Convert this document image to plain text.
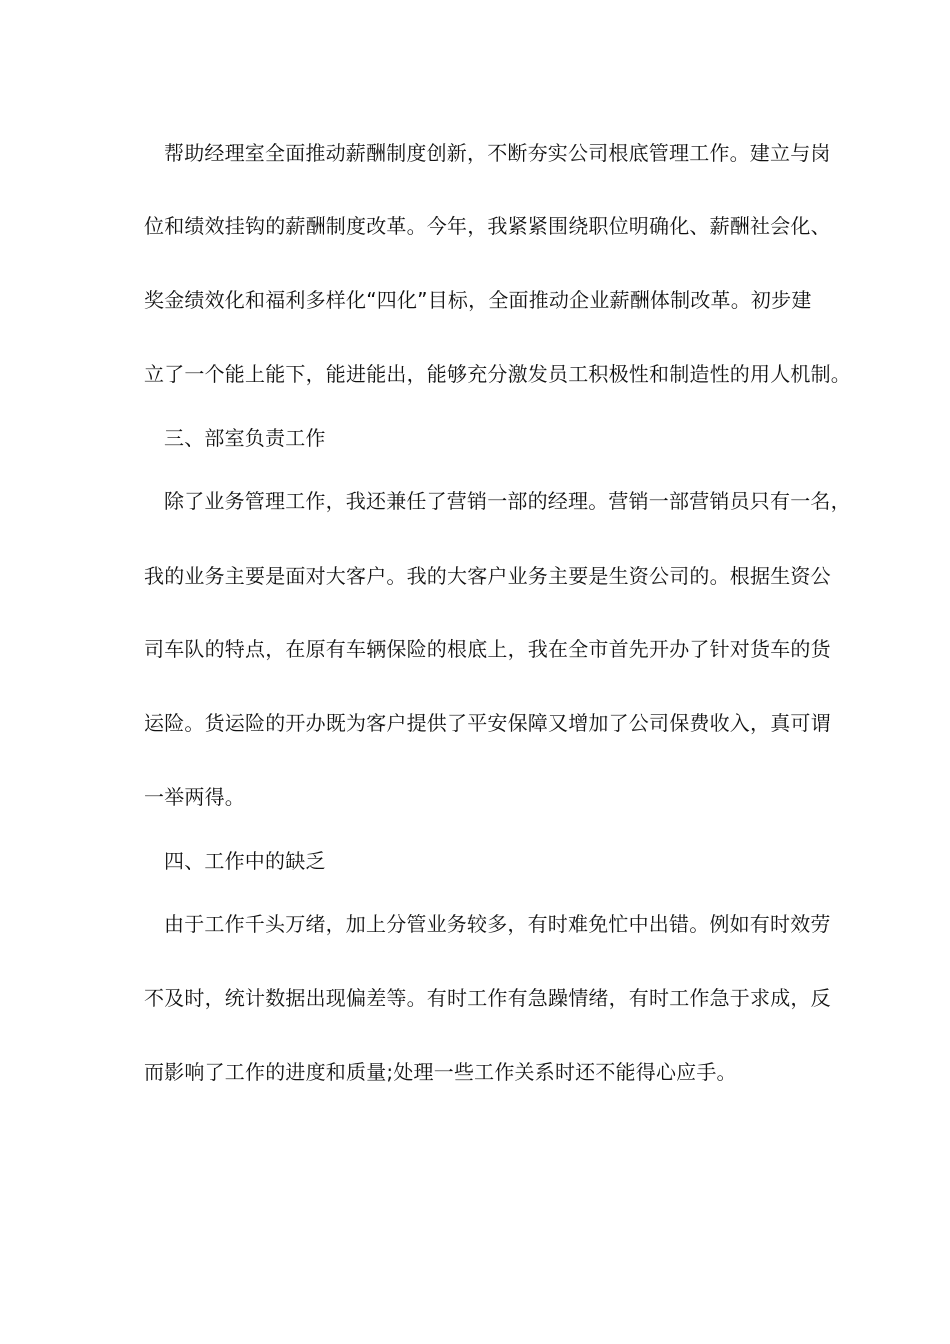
帮助经理室全面推动薪酬制度创新，不断夯实公司根底管理工作。建立与岗
位和绩效挂钩的薪酬制度改革。今年，我紧紧围绕职位明确化、薪酬社会化、
奖金绩效化和福利多样化“四化”目标，全面推动企业薪酬体制改革。初步建
立了一个能上能下，能进能出，能够充分激发员工积极性和制造性的用人机制。
三、部室负责工作
除了业务管理工作，我还兼任了营销一部的经理。营销一部营销员只有一名，
我的业务主要是面对大客户。我的大客户业务主要是生资公司的。根据生资公
司车队的特点，在原有车辆保险的根底上，我在全市首先开办了针对货车的货
运险。货运险的开办既为客户提供了平安保障又增加了公司保费收入，真可谓
一举两得。
四、工作中的缺乏
由于工作千头万绪，加上分管业务较多，有时难免忙中出错。例如有时效劳
不及时，统计数据出现偏差等。有时工作有急躁情绪，有时工作急于求成，反
而影响了工作的进度和质量;处理一些工作关系时还不能得心应手。
